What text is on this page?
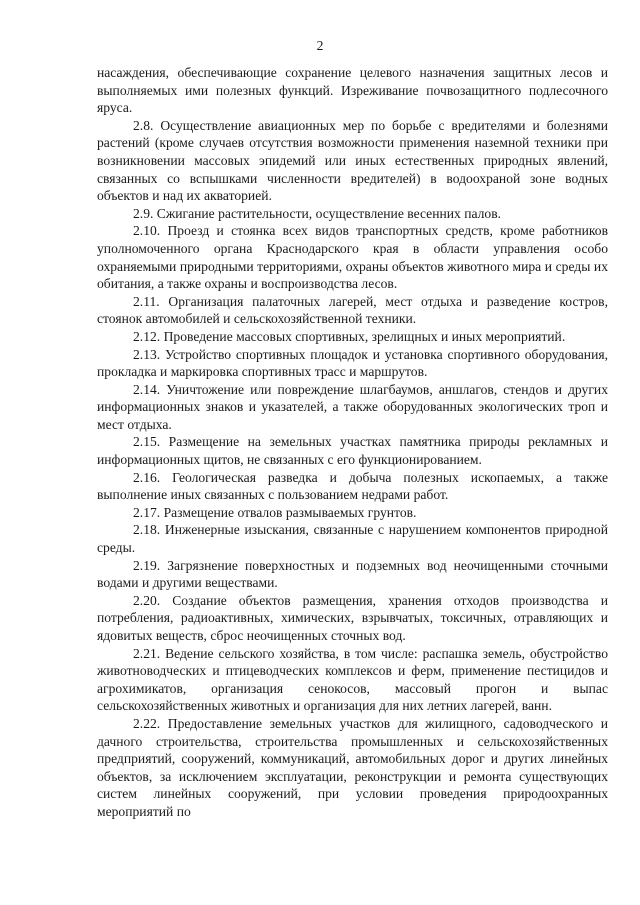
2

насаждения, обеспечивающие сохранение целевого назначения защитных лесов и выполняемых ими полезных функций. Изреживание почвозащитного подлесочного яруса.

2.8. Осуществление авиационных мер по борьбе с вредителями и болезнями растений (кроме случаев отсутствия возможности применения наземной техники при возникновении массовых эпидемий или иных естественных природных явлений, связанных со вспышками численности вредителей) в водоохраной зоне водных объектов и над их акваторией.

2.9. Сжигание растительности, осуществление весенних палов.

2.10. Проезд и стоянка всех видов транспортных средств, кроме работников уполномоченного органа Краснодарского края в области управления особо охраняемыми природными территориями, охраны объектов животного мира и среды их обитания, а также охраны и воспроизводства лесов.

2.11. Организация палаточных лагерей, мест отдыха и разведение костров, стоянок автомобилей и сельскохозяйственной техники.

2.12. Проведение массовых спортивных, зрелищных и иных мероприятий.

2.13. Устройство спортивных площадок и установка спортивного оборудования, прокладка и маркировка спортивных трасс и маршрутов.

2.14. Уничтожение или повреждение шлагбаумов, аншлагов, стендов и других информационных знаков и указателей, а также оборудованных экологических троп и мест отдыха.

2.15. Размещение на земельных участках памятника природы рекламных и информационных щитов, не связанных с его функционированием.

2.16. Геологическая разведка и добыча полезных ископаемых, а также выполнение иных связанных с пользованием недрами работ.

2.17. Размещение отвалов размываемых грунтов.

2.18. Инженерные изыскания, связанные с нарушением компонентов природной среды.

2.19. Загрязнение поверхностных и подземных вод неочищенными сточными водами и другими веществами.

2.20. Создание объектов размещения, хранения отходов производства и потребления, радиоактивных, химических, взрывчатых, токсичных, отравляющих и ядовитых веществ, сброс неочищенных сточных вод.

2.21. Ведение сельского хозяйства, в том числе: распашка земель, обустройство животноводческих и птицеводческих комплексов и ферм, применение пестицидов и агрохимикатов, организация сенокосов, массовый прогон и выпас сельскохозяйственных животных и организация для них летних лагерей, ванн.

2.22. Предоставление земельных участков для жилищного, садоводческого и дачного строительства, строительства промышленных и сельскохозяйственных предприятий, сооружений, коммуникаций, автомобильных дорог и других линейных объектов, за исключением эксплуатации, реконструкции и ремонта существующих систем линейных сооружений, при условии проведения природоохранных мероприятий по
